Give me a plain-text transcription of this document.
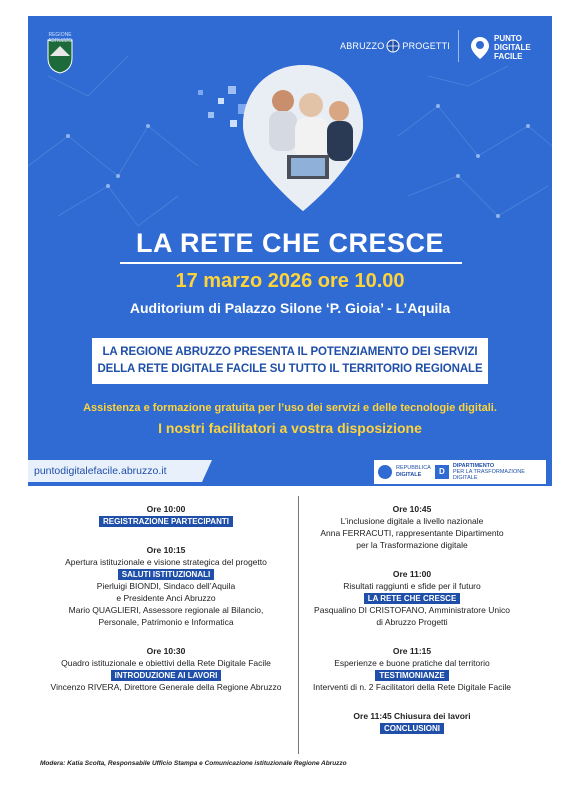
REGIONE ABRUZZO	ABRUZZO PROGETTI
PUNTO
DIGITALE
FACILE
LA RETE CHE CRESCE
17 marzo 2026 ore 10.00
Auditorium di Palazzo Silone ‘P. Gioia’ - L’Aquila
LA REGIONE ABRUZZO PRESENTA IL POTENZIAMENTO DEI SERVIZI
DELLA RETE DIGITALE FACILE SU TUTTO IL TERRITORIO REGIONALE
Assistenza e formazione gratuita per l’uso dei servizi e delle tecnologie digitali.
I nostri facilitatori a vostra disposizione
puntodigitalefacile.abruzzo.it	REPUBBLICA
DIGITALE	D
DIPARTIMENTO
PER LA TRASFORMAZIONE
DIGITALE
Ore 10:00
REGISTRAZIONE PARTECIPANTI
Ore 10:15
Apertura istituzionale e visione strategica del progetto
SALUTI ISTITUZIONALI
Pierluigi BIONDI, Sindaco dell’Aquila
e Presidente Anci Abruzzo
Mario QUAGLIERI, Assessore regionale al Bilancio,
Personale, Patrimonio e Informatica
Ore 10:30
Quadro istituzionale e obiettivi della Rete Digitale Facile
INTRODUZIONE AI LAVORI
Vincenzo RIVERA, Direttore Generale della Regione Abruzzo
Ore 10:45
L’inclusione digitale a livello nazionale
Anna FERRACUTI, rappresentante Dipartimento
per la Trasformazione digitale
Ore 11:00
Risultati raggiunti e sfide per il futuro
LA RETE CHE CRESCE
Pasqualino DI CRISTOFANO, Amministratore Unico
di Abruzzo Progetti
Ore 11:15
Esperienze e buone pratiche dal territorio
TESTIMONIANZE
Interventi di n. 2 Facilitatori della Rete Digitale Facile
Ore 11:45 Chiusura dei lavori
CONCLUSIONI
Modera: Katia Scolta, Responsabile Ufficio Stampa e Comunicazione istituzionale Regione Abruzzo
